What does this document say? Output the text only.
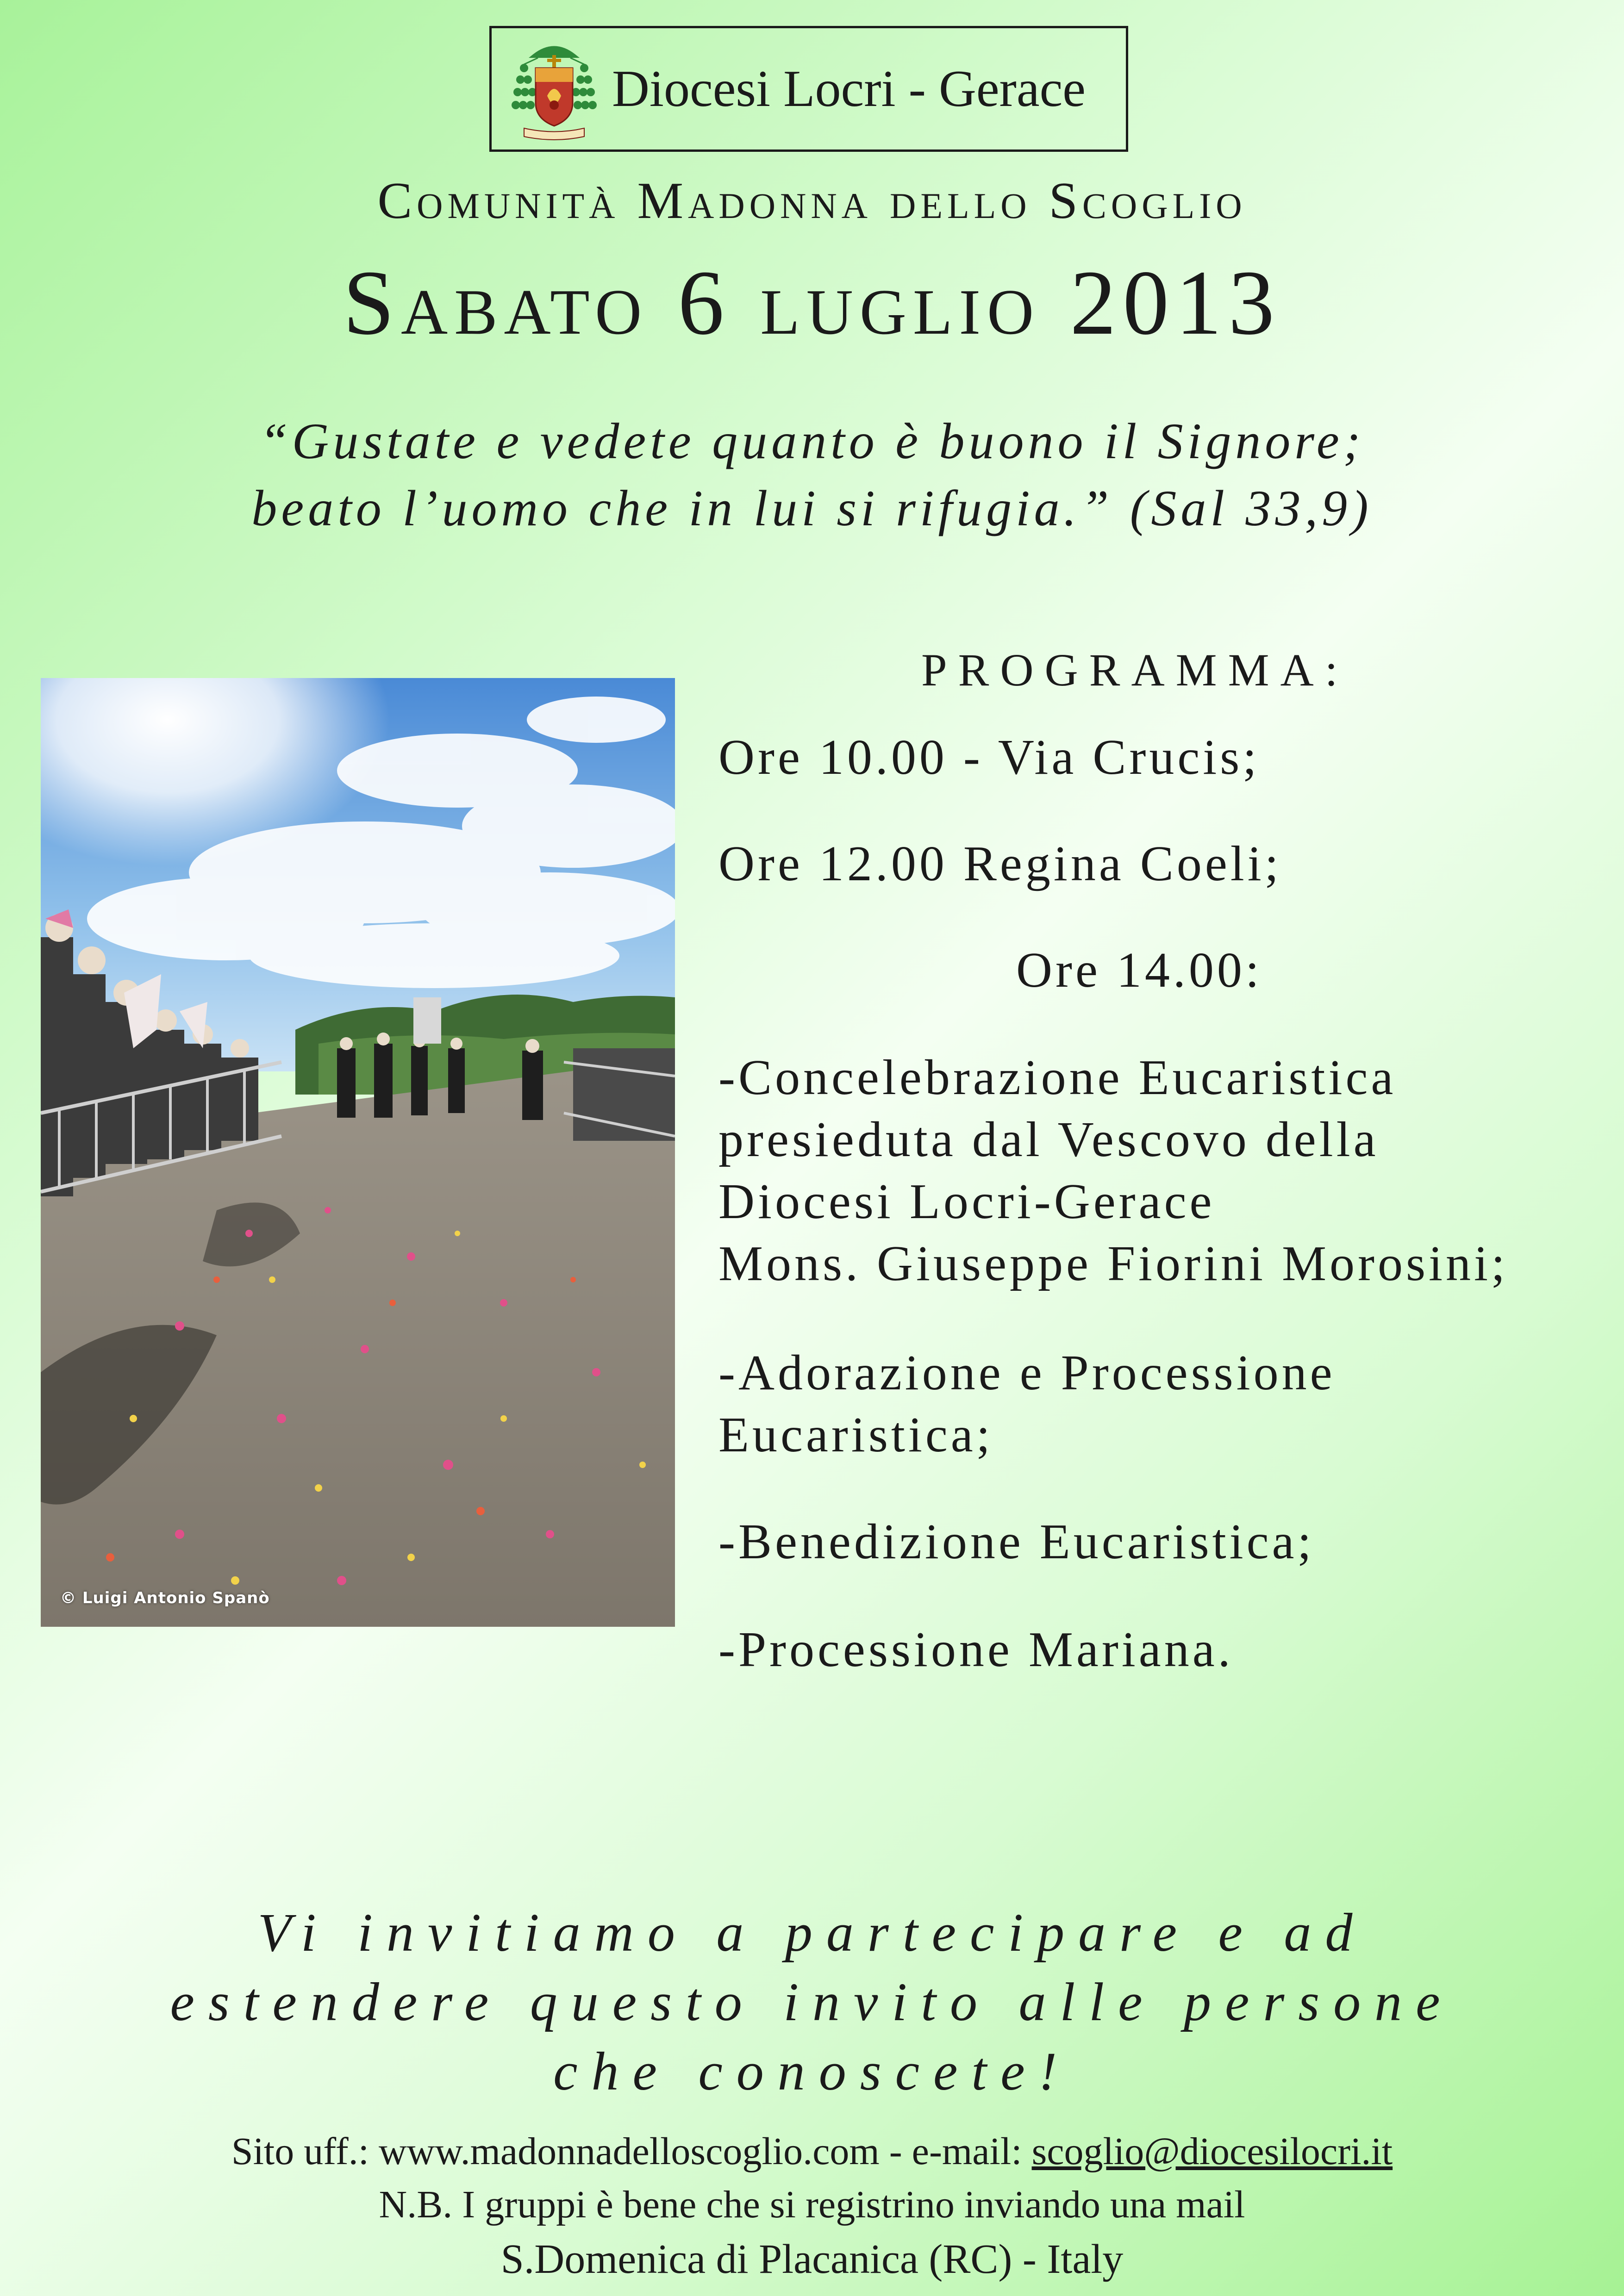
Diocesi Locri - Gerace
Comunità Madonna dello Scoglio
Sabato 6 luglio 2013
“Gustate e vedete quanto è buono il Signore;
beato l’uomo che in lui si rifugia.” (Sal 33,9)
© Luigi Antonio Spanò
PROGRAMMA:
Ore 10.00 - Via Crucis;
Ore 12.00 Regina Coeli;
Ore 14.00:
-Concelebrazione Eucaristica
presieduta dal Vescovo della
Diocesi Locri-Gerace
Mons. Giuseppe Fiorini Morosini;
-Adorazione e Processione
Eucaristica;
-Benedizione Eucaristica;
-Processione Mariana.
Vi invitiamo a partecipare e ad
estendere questo invito alle persone
che conoscete!
Sito uff.: www.madonnadelloscoglio.com - e-mail: scoglio@diocesilocri.it
N.B. I gruppi è bene che si registrino inviando una mail
S.Domenica di Placanica (RC) - Italy
